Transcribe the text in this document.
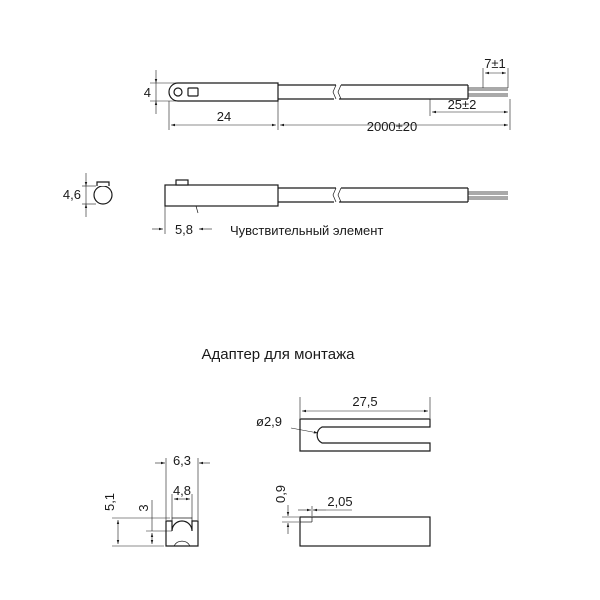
4
24
2000±20
25±2
7±1
4,6
5,8	Чувствительный элемент
Адаптер для монтажа
6,3
4,8
5,1 3
27,5
ø2,9
0,9	2,05
